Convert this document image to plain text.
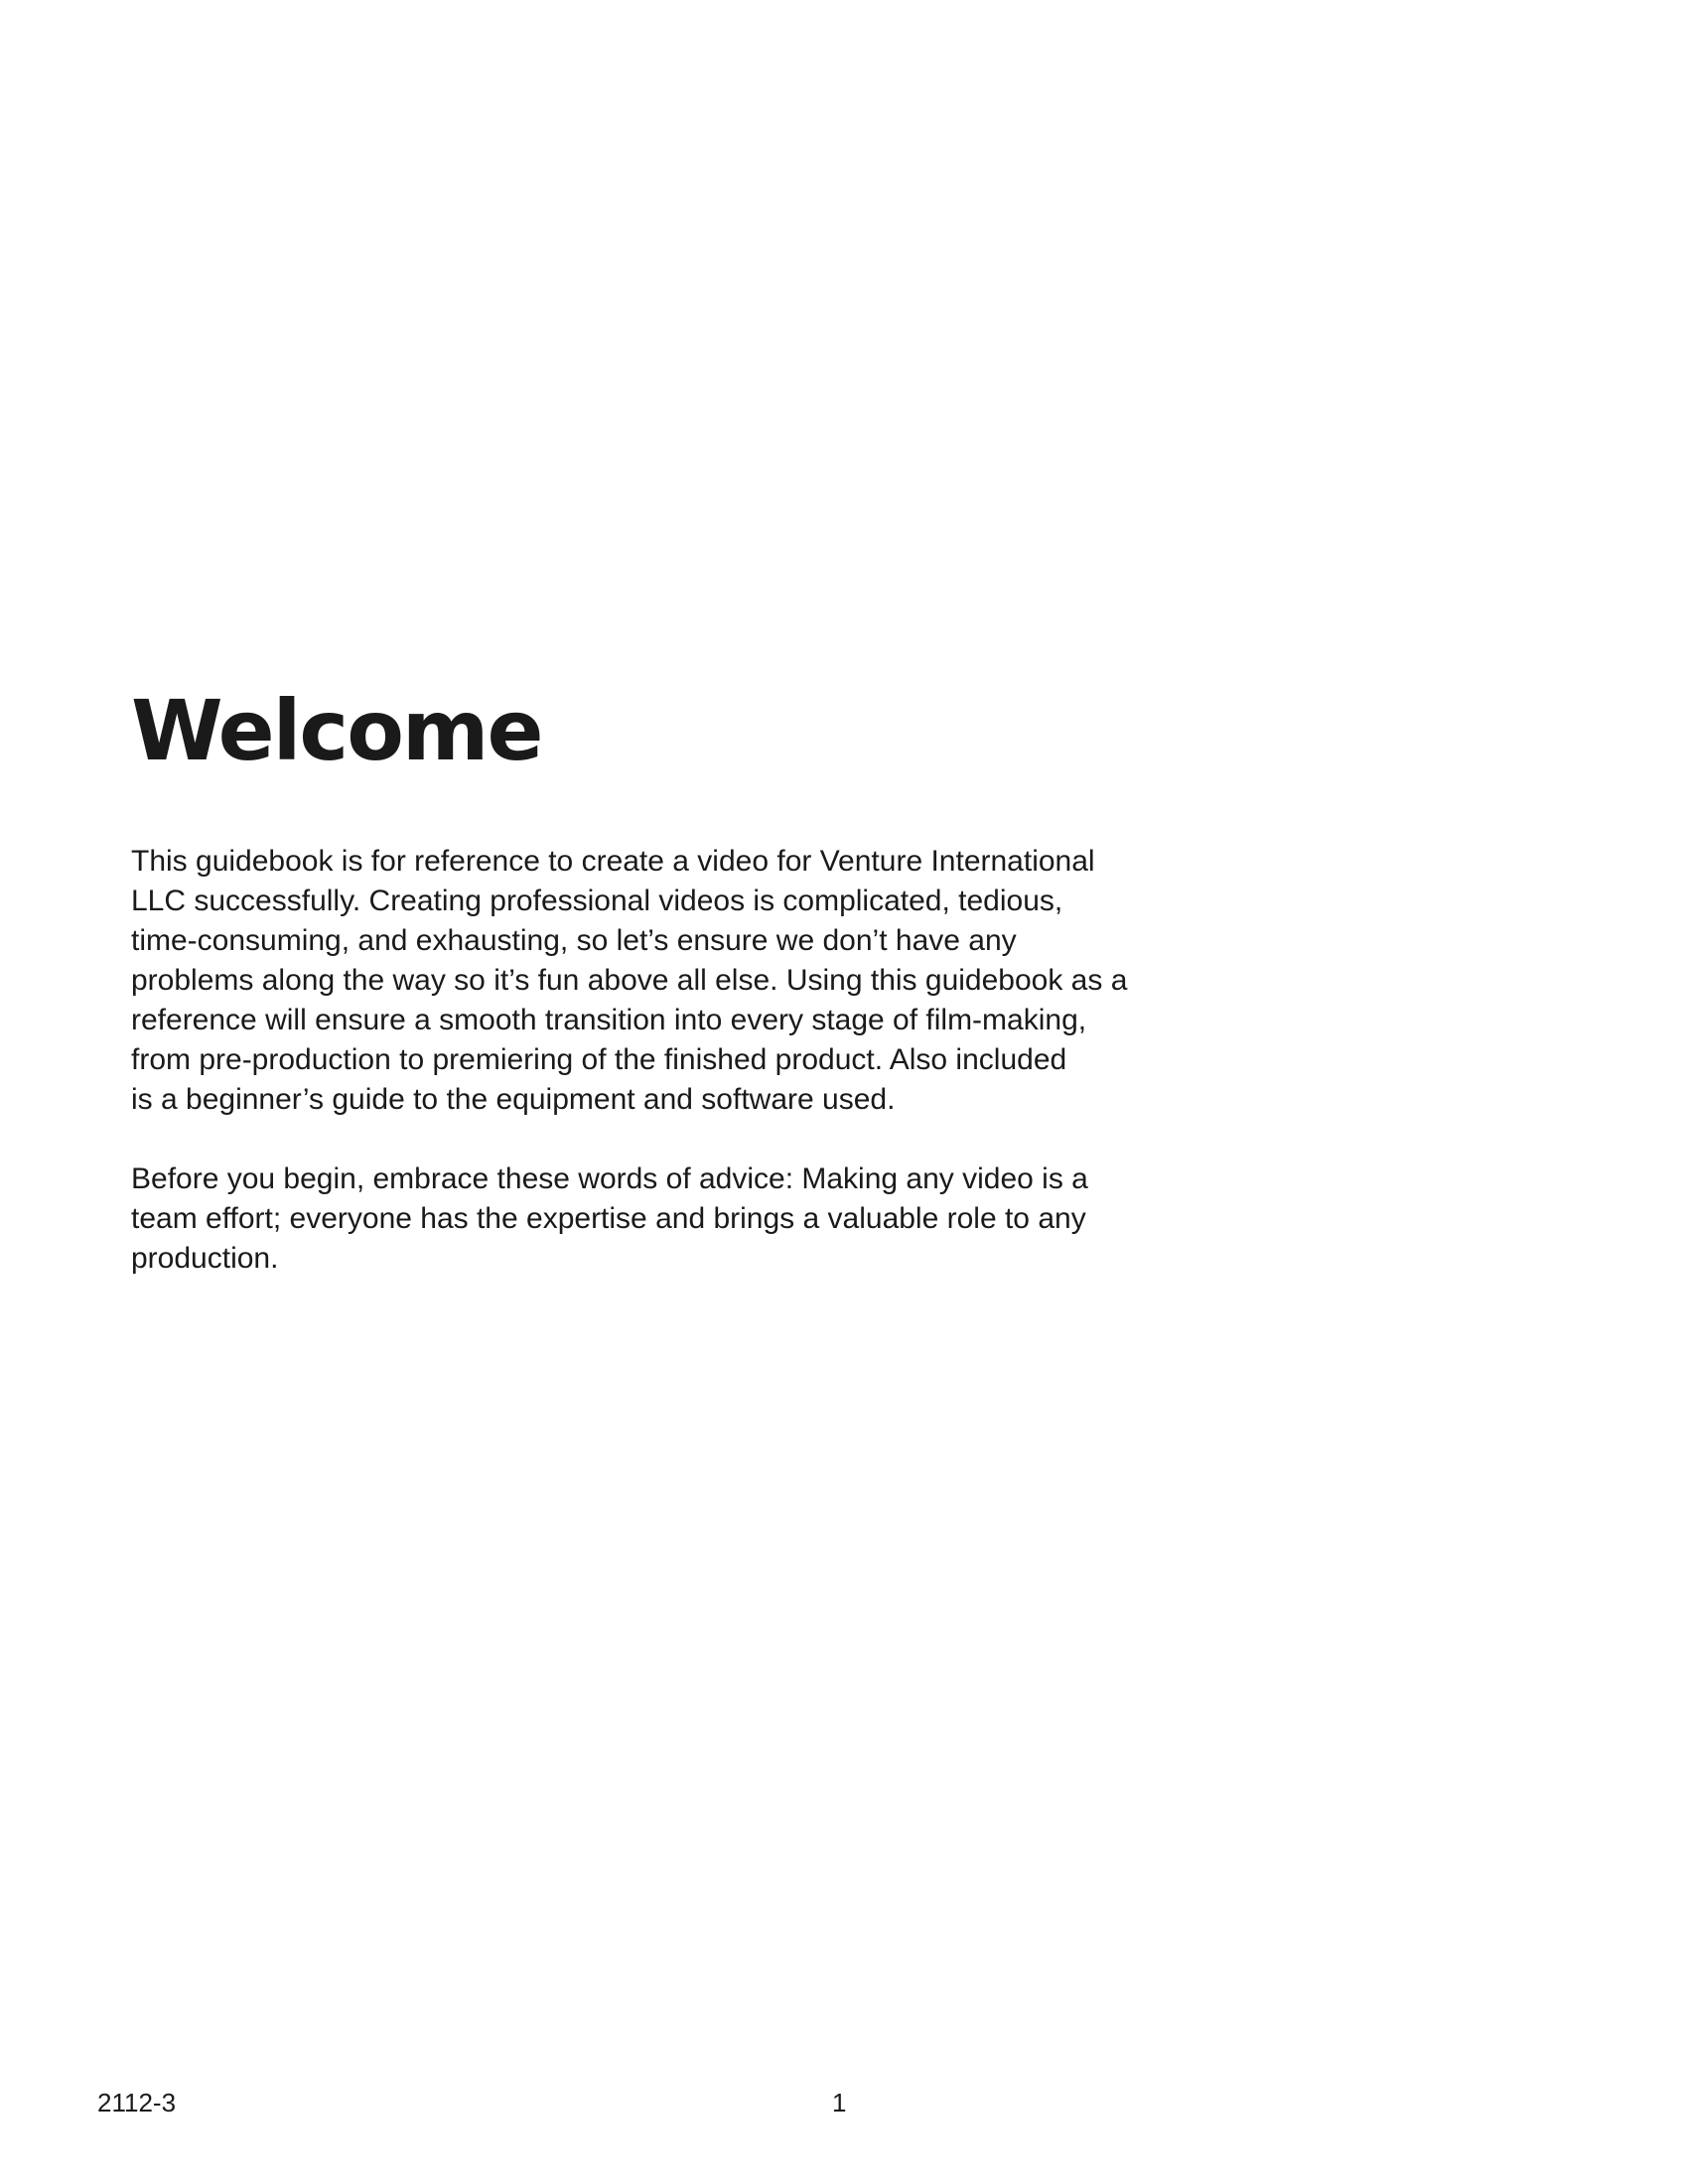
Welcome

This guidebook is for reference to create a video for Venture International
LLC successfully. Creating professional videos is complicated, tedious,
time-consuming, and exhausting, so let’s ensure we don’t have any
problems along the way so it’s fun above all else. Using this guidebook as a
reference will ensure a smooth transition into every stage of film-making,
from pre-production to premiering of the finished product. Also included
is a beginner’s guide to the equipment and software used.

Before you begin, embrace these words of advice: Making any video is a
team effort; everyone has the expertise and brings a valuable role to any
production.

2112-3	1
